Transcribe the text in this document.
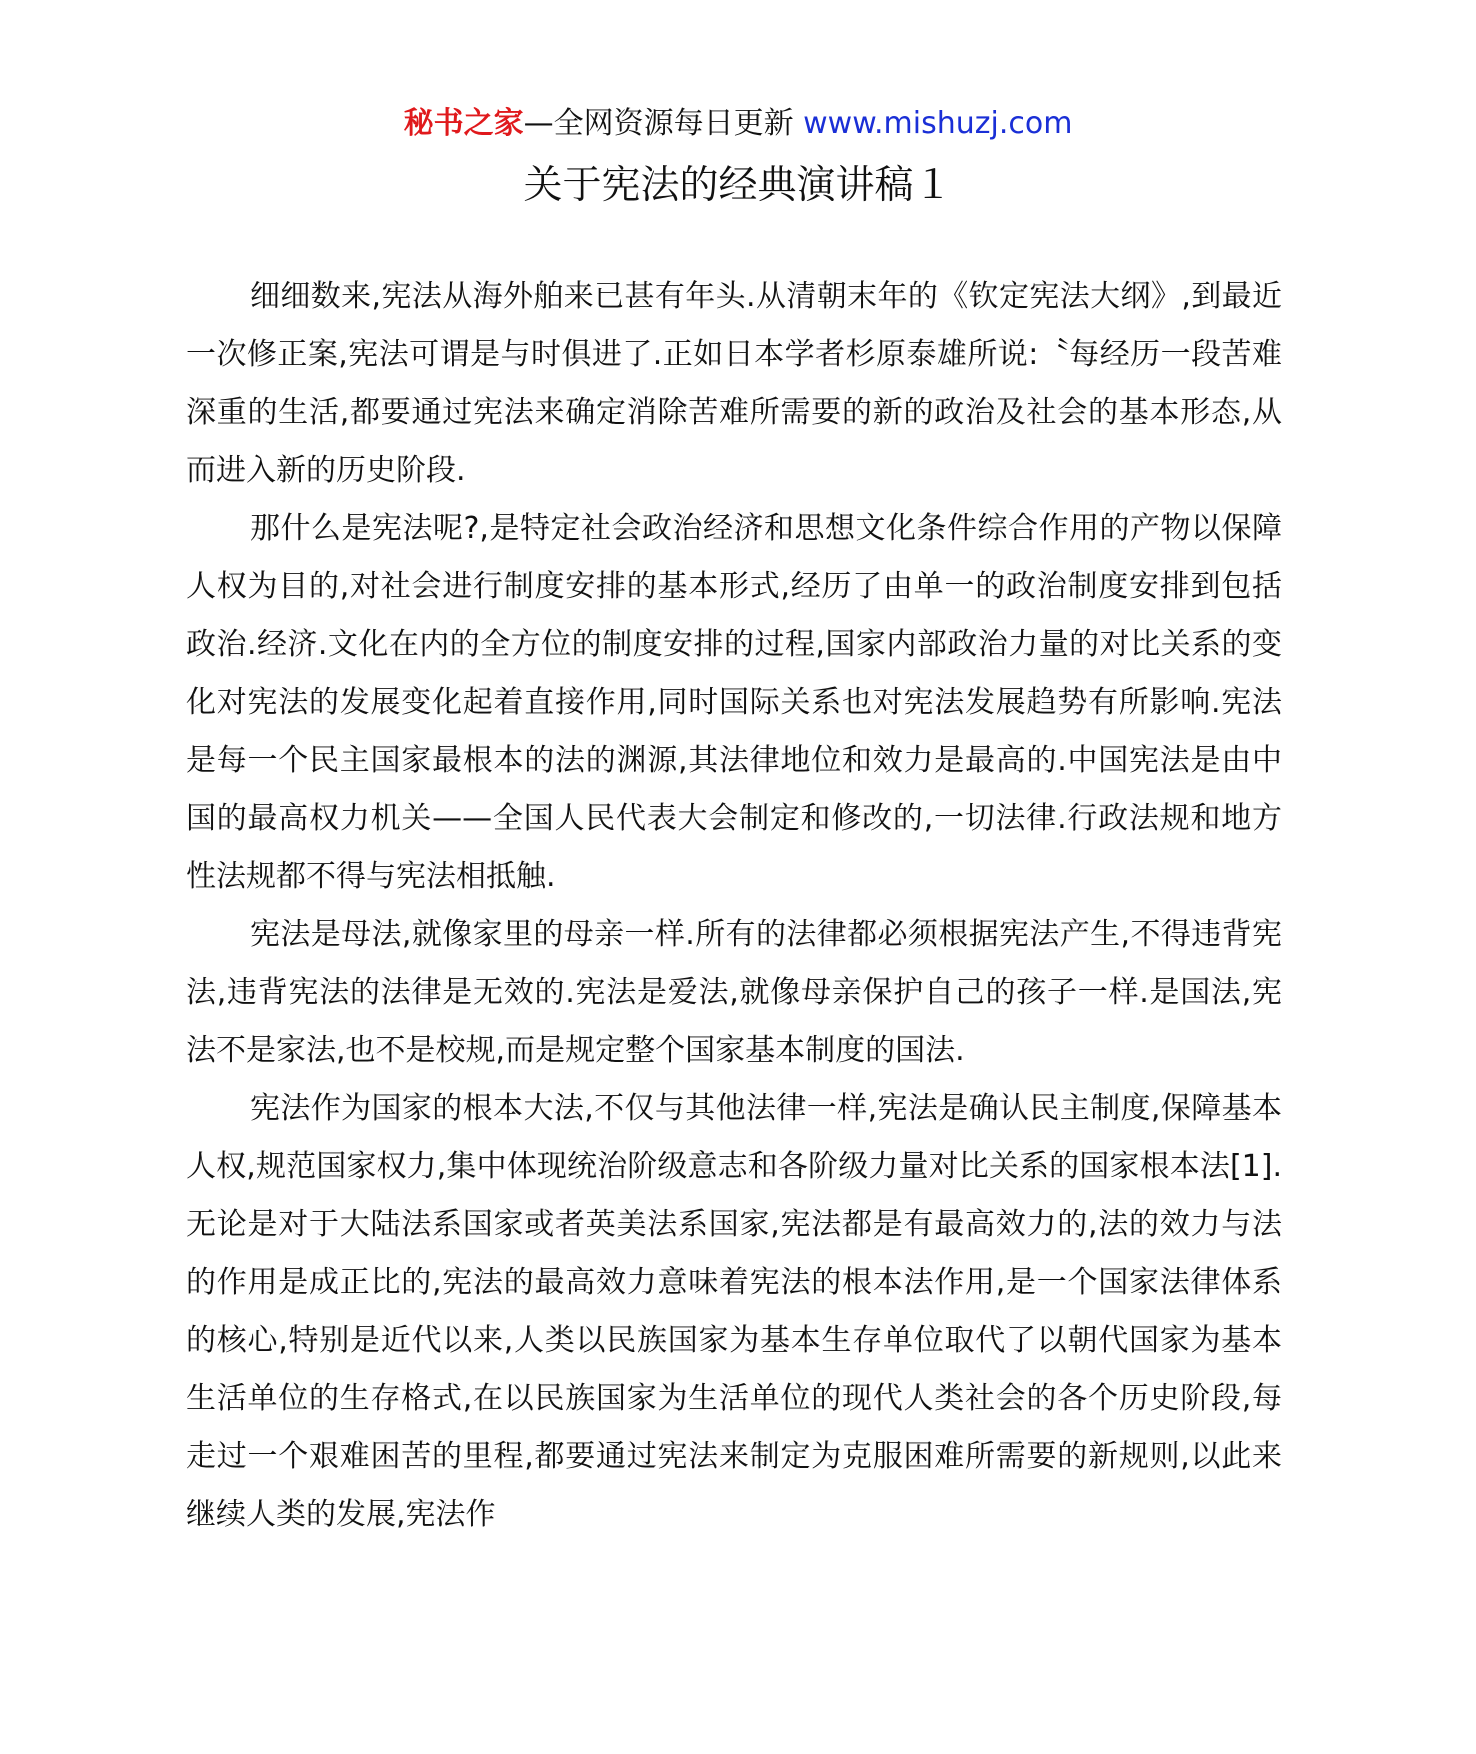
秘书之家—全网资源每日更新 www.mishuzj.com
关于宪法的经典演讲稿１

细细数来,宪法从海外舶来已甚有年头.从清朝末年的《钦定宪法大纲》,到最近一次修正案,宪法可谓是与时俱进了.正如日本学者杉原泰雄所说:〝每经历一段苦难深重的生活,都要通过宪法来确定消除苦难所需要的新的政治及社会的基本形态,从而进入新的历史阶段.

那什么是宪法呢?,是特定社会政治经济和思想文化条件综合作用的产物以保障人权为目的,对社会进行制度安排的基本形式,经历了由单一的政治制度安排到包括政治.经济.文化在内的全方位的制度安排的过程,国家内部政治力量的对比关系的变化对宪法的发展变化起着直接作用,同时国际关系也对宪法发展趋势有所影响.宪法是每一个民主国家最根本的法的渊源,其法律地位和效力是最高的.中国宪法是由中国的最高权力机关——全国人民代表大会制定和修改的,一切法律.行政法规和地方性法规都不得与宪法相抵触.

宪法是母法,就像家里的母亲一样.所有的法律都必须根据宪法产生,不得违背宪法,违背宪法的法律是无效的.宪法是爱法,就像母亲保护自己的孩子一样.是国法,宪法不是家法,也不是校规,而是规定整个国家基本制度的国法.

宪法作为国家的根本大法,不仅与其他法律一样,宪法是确认民主制度,保障基本人权,规范国家权力,集中体现统治阶级意志和各阶级力量对比关系的国家根本法[1].无论是对于大陆法系国家或者英美法系国家,宪法都是有最高效力的,法的效力与法的作用是成正比的,宪法的最高效力意味着宪法的根本法作用,是一个国家法律体系的核心,特别是近代以来,人类以民族国家为基本生存单位取代了以朝代国家为基本生活单位的生存格式,在以民族国家为生活单位的现代人类社会的各个历史阶段,每走过一个艰难困苦的里程,都要通过宪法来制定为克服困难所需要的新规则,以此来继续人类的发展,宪法作
